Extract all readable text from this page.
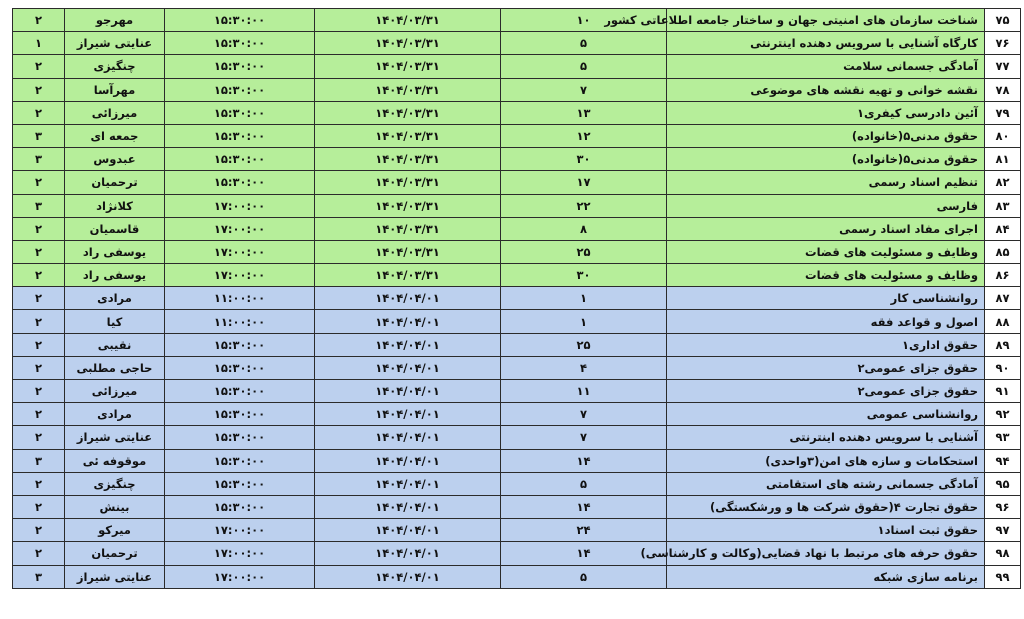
۷۵	شناخت سازمان های امنیتی جهان و ساختار جامعه اطلاعاتی کشور	۱۰	۱۴۰۴/۰۳/۳۱	۱۵:۳۰:۰۰	مهرجو	۲
۷۶	کارگاه آشنایی با سرویس دهنده اینترنتی	۵	۱۴۰۴/۰۳/۳۱	۱۵:۳۰:۰۰	عنایتی شیراز	۱
۷۷	آمادگی جسمانی سلامت	۵	۱۴۰۴/۰۳/۳۱	۱۵:۳۰:۰۰	چنگیزی	۲
۷۸	نقشه خوانی و تهیه نقشه های موضوعی	۷	۱۴۰۴/۰۳/۳۱	۱۵:۳۰:۰۰	مهرآسا	۲
۷۹	آئین دادرسی کیفری۱	۱۳	۱۴۰۴/۰۳/۳۱	۱۵:۳۰:۰۰	میرزائی	۲
۸۰	حقوق مدنی۵(خانواده)	۱۲	۱۴۰۴/۰۳/۳۱	۱۵:۳۰:۰۰	جمعه ای	۳
۸۱	حقوق مدنی۵(خانواده)	۳۰	۱۴۰۴/۰۳/۳۱	۱۵:۳۰:۰۰	عبدوس	۳
۸۲	تنظیم اسناد رسمی	۱۷	۱۴۰۴/۰۳/۳۱	۱۵:۳۰:۰۰	ترحمیان	۲
۸۳	فارسی	۲۲	۱۴۰۴/۰۳/۳۱	۱۷:۰۰:۰۰	کلانژاد	۳
۸۴	اجرای مفاد اسناد رسمی	۸	۱۴۰۴/۰۳/۳۱	۱۷:۰۰:۰۰	قاسمیان	۲
۸۵	وظایف و مسئولیت های قضات	۲۵	۱۴۰۴/۰۳/۳۱	۱۷:۰۰:۰۰	یوسفی راد	۲
۸۶	وظایف و مسئولیت های قضات	۳۰	۱۴۰۴/۰۳/۳۱	۱۷:۰۰:۰۰	یوسفی راد	۲
۸۷	روانشناسی کار	۱	۱۴۰۴/۰۴/۰۱	۱۱:۰۰:۰۰	مرادی	۲
۸۸	اصول و قواعد فقه	۱	۱۴۰۴/۰۴/۰۱	۱۱:۰۰:۰۰	کیا	۲
۸۹	حقوق اداری۱	۲۵	۱۴۰۴/۰۴/۰۱	۱۵:۳۰:۰۰	نقیبی	۲
۹۰	حقوق جزای عمومی۲	۴	۱۴۰۴/۰۴/۰۱	۱۵:۳۰:۰۰	حاجی مطلبی	۲
۹۱	حقوق جزای عمومی۲	۱۱	۱۴۰۴/۰۴/۰۱	۱۵:۳۰:۰۰	میرزائی	۲
۹۲	روانشناسی عمومی	۷	۱۴۰۴/۰۴/۰۱	۱۵:۳۰:۰۰	مرادی	۲
۹۳	آشنایی با سرویس دهنده اینترنتی	۷	۱۴۰۴/۰۴/۰۱	۱۵:۳۰:۰۰	عنایتی شیراز	۲
۹۴	استحکامات و سازه های امن(۳واحدی)	۱۴	۱۴۰۴/۰۴/۰۱	۱۵:۳۰:۰۰	موقوفه ئی	۳
۹۵	آمادگی جسمانی رشته های استقامتی	۵	۱۴۰۴/۰۴/۰۱	۱۵:۳۰:۰۰	چنگیزی	۲
۹۶	حقوق تجارت ۴(حقوق شرکت ها و ورشکستگی)	۱۴	۱۴۰۴/۰۴/۰۱	۱۵:۳۰:۰۰	بینش	۲
۹۷	حقوق ثبت اسناد۱	۲۴	۱۴۰۴/۰۴/۰۱	۱۷:۰۰:۰۰	میرکو	۲
۹۸	حقوق حرفه های مرتبط با نهاد قضایی(وکالت و کارشناسی)	۱۴	۱۴۰۴/۰۴/۰۱	۱۷:۰۰:۰۰	ترحمیان	۲
۹۹	برنامه سازی شبکه	۵	۱۴۰۴/۰۴/۰۱	۱۷:۰۰:۰۰	عنایتی شیراز	۳
